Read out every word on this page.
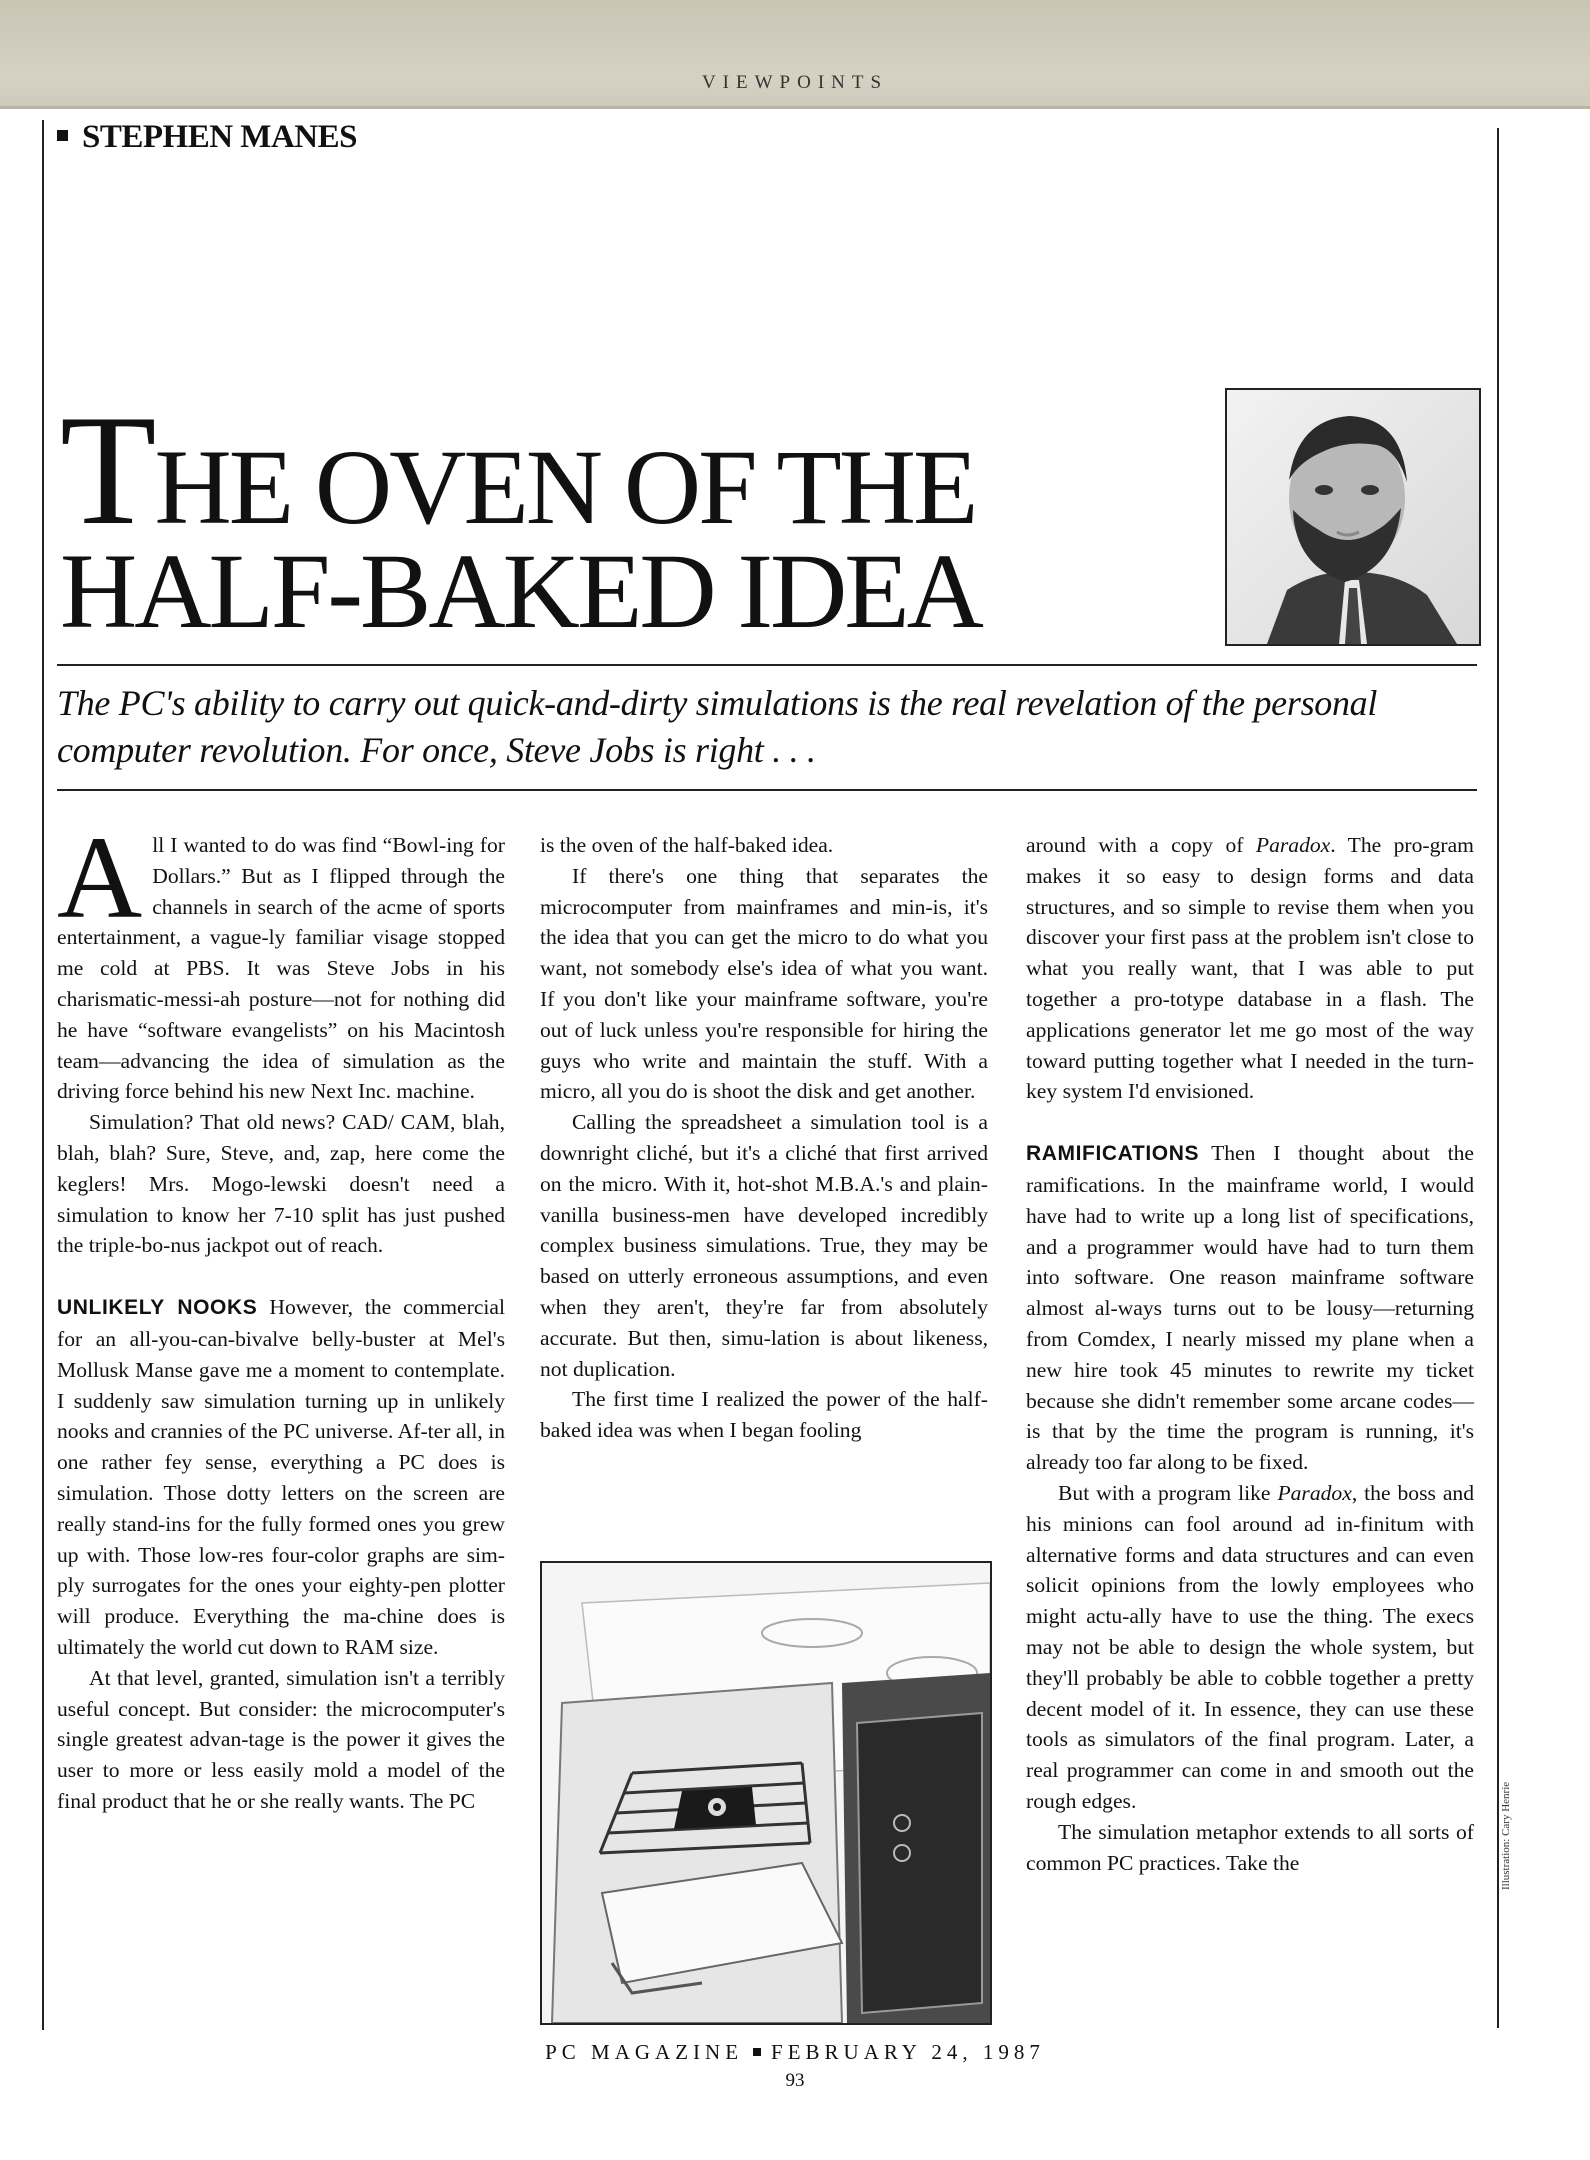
VIEWPOINTS
STEPHEN MANES
THE OVEN OF THE
HALF-BAKED IDEA
The PC's ability to carry out quick-and-dirty simulations is the real revelation of the personal computer revolution. For once, Steve Jobs is right . . .

All I wanted to do was find “Bowl-ing for Dollars.” But as I flipped through the channels in search of the acme of sports entertainment, a vague-ly familiar visage stopped me cold at PBS. It was Steve Jobs in his charismatic-messi-ah posture—not for nothing did he have “software evangelists” on his Macintosh team—advancing the idea of simulation as the driving force behind his new Next Inc. machine.

Simulation? That old news? CAD/ CAM, blah, blah, blah? Sure, Steve, and, zap, here come the keglers! Mrs. Mogo-lewski doesn't need a simulation to know her 7-10 split has just pushed the triple-bo-nus jackpot out of reach.

UNLIKELY NOOKS However, the commercial for an all-you-can-bivalve belly-buster at Mel's Mollusk Manse gave me a moment to contemplate. I suddenly saw simulation turning up in unlikely nooks and crannies of the PC universe. Af-ter all, in one rather fey sense, everything a PC does is simulation. Those dotty letters on the screen are really stand-ins for the fully formed ones you grew up with. Those low-res four-color graphs are sim-ply surrogates for the ones your eighty-pen plotter will produce. Everything the ma-chine does is ultimately the world cut down to RAM size.

At that level, granted, simulation isn't a terribly useful concept. But consider: the microcomputer's single greatest advan-tage is the power it gives the user to more or less easily mold a model of the final product that he or she really wants. The PC

is the oven of the half-baked idea.

If there's one thing that separates the microcomputer from mainframes and min-is, it's the idea that you can get the micro to do what you want, not somebody else's idea of what you want. If you don't like your mainframe software, you're out of luck unless you're responsible for hiring the guys who write and maintain the stuff. With a micro, all you do is shoot the disk and get another.

Calling the spreadsheet a simulation tool is a downright cliché, but it's a cliché that first arrived on the micro. With it, hot-shot M.B.A.'s and plain-vanilla business-men have developed incredibly complex business simulations. True, they may be based on utterly erroneous assumptions, and even when they aren't, they're far from absolutely accurate. But then, simu-lation is about likeness, not duplication.

The first time I realized the power of the half-baked idea was when I began fooling

around with a copy of Paradox. The pro-gram makes it so easy to design forms and data structures, and so simple to revise them when you discover your first pass at the problem isn't close to what you really want, that I was able to put together a pro-totype database in a flash. The applications generator let me go most of the way toward putting together what I needed in the turn-key system I'd envisioned.

RAMIFICATIONS Then I thought about the ramifications. In the mainframe world, I would have had to write up a long list of specifications, and a programmer would have had to turn them into software. One reason mainframe software almost al-ways turns out to be lousy—returning from Comdex, I nearly missed my plane when a new hire took 45 minutes to rewrite my ticket because she didn't remember some arcane codes—is that by the time the program is running, it's already too far along to be fixed.

But with a program like Paradox, the boss and his minions can fool around ad in-finitum with alternative forms and data structures and can even solicit opinions from the lowly employees who might actu-ally have to use the thing. The execs may not be able to design the whole system, but they'll probably be able to cobble together a pretty decent model of it. In essence, they can use these tools as simulators of the final program. Later, a real programmer can come in and smooth out the rough edges.

The simulation metaphor extends to all sorts of common PC practices. Take the	Illustration: Cary Henrie
PC MAGAZINE FEBRUARY 24, 1987
93
